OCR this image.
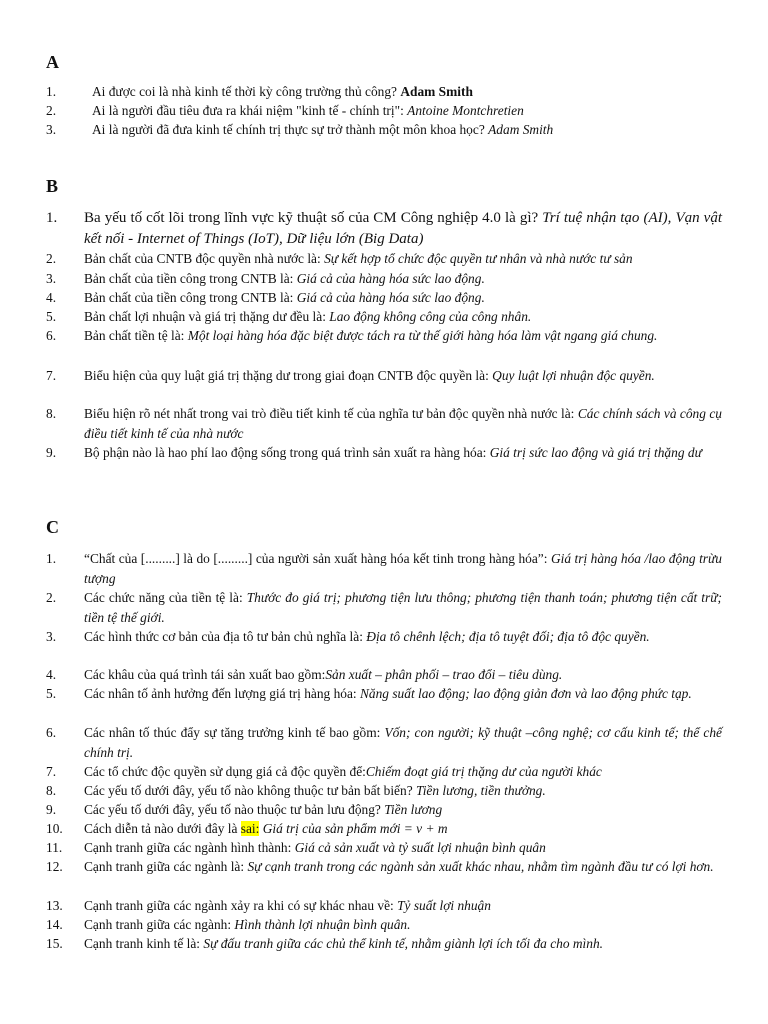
A
1.	Ai được coi là nhà kinh tế thời kỳ công trường thủ công? Adam Smith
2.	Ai là người đầu tiêu đưa ra khái niệm "kinh tế - chính trị": Antoine Montchretien
3.	Ai là người đã đưa kinh tế chính trị thực sự trở thành một môn khoa học? Adam Smith
B
1.	Ba yếu tố cốt lõi trong lĩnh vực kỹ thuật số của CM Công nghiệp 4.0 là gì? Trí tuệ nhận tạo (AI), Vạn vật kết nối - Internet of Things (IoT), Dữ liệu lớn (Big Data)
2.	Bản chất của CNTB độc quyền nhà nước là: Sự kết hợp tổ chức độc quyền tư nhân và nhà nước tư sản
3.	Bản chất của tiền công trong CNTB là: Giá cả của hàng hóa sức lao động.
4.	Bản chất của tiền công trong CNTB là: Giá cả của hàng hóa sức lao động.
5.	Bản chất lợi nhuận và giá trị thặng dư đều là: Lao động không công của công nhân.
6.	Bản chất tiền tệ là: Một loại hàng hóa đặc biệt được tách ra từ thế giới hàng hóa làm vật ngang giá chung.
7.	Biểu hiện của quy luật giá trị thặng dư trong giai đoạn CNTB độc quyền là: Quy luật lợi nhuận độc quyền.
8.	Biểu hiện rõ nét nhất trong vai trò điều tiết kinh tế của nghĩa tư bản độc quyền nhà nước là: Các chính sách và công cụ điều tiết kinh tế của nhà nước
9.	Bộ phận nào là hao phí lao động sống trong quá trình sản xuất ra hàng hóa: Giá trị sức lao động và giá trị thặng dư
C
1.	“Chất của [.........] là do [.........] của người sản xuất hàng hóa kết tinh trong hàng hóa”: Giá trị hàng hóa /lao động trừu tượng
2.	Các chức năng của tiền tệ là: Thước đo giá trị; phương tiện lưu thông; phương tiện thanh toán; phương tiện cất trữ; tiền tệ thế giới.
3.	Các hình thức cơ bản của địa tô tư bản chủ nghĩa là: Địa tô chênh lệch; địa tô tuyệt đối; địa tô độc quyền.
4.	Các khâu của quá trình tái sản xuất bao gồm:Sản xuất – phân phối – trao đổi – tiêu dùng.
5.	Các nhân tố ảnh hưởng đến lượng giá trị hàng hóa: Năng suất lao động; lao động giản đơn và lao động phức tạp.
6.	Các nhân tố thúc đẩy sự tăng trưởng kinh tế bao gồm: Vốn; con người; kỹ thuật –công nghệ; cơ cấu kinh tế; thể chế chính trị.
7.	Các tổ chức độc quyền sử dụng giá cả độc quyền để:Chiếm đoạt giá trị thặng dư của người khác
8.	Các yếu tố dưới đây, yếu tố nào không thuộc tư bản bất biến? Tiền lương, tiền thưởng.
9.	Các yếu tố dưới đây, yếu tố nào thuộc tư bản lưu động? Tiền lương
10.	Cách diễn tả nào dưới đây là sai: Giá trị của sản phẩm mới = v + m
11.	Cạnh tranh giữa các ngành hình thành: Giá cả sản xuất và tỷ suất lợi nhuận bình quân
12.	Cạnh tranh giữa các ngành là: Sự cạnh tranh trong các ngành sản xuất khác nhau, nhằm tìm ngành đầu tư có lợi hơn.
13.	Cạnh tranh giữa các ngành xảy ra khi có sự khác nhau về: Tỷ suất lợi nhuận
14.	Cạnh tranh giữa các ngành: Hình thành lợi nhuận bình quân.
15.	Cạnh tranh kinh tế là: Sự đấu tranh giữa các chủ thể kinh tế, nhằm giành lợi ích tối đa cho mình.
